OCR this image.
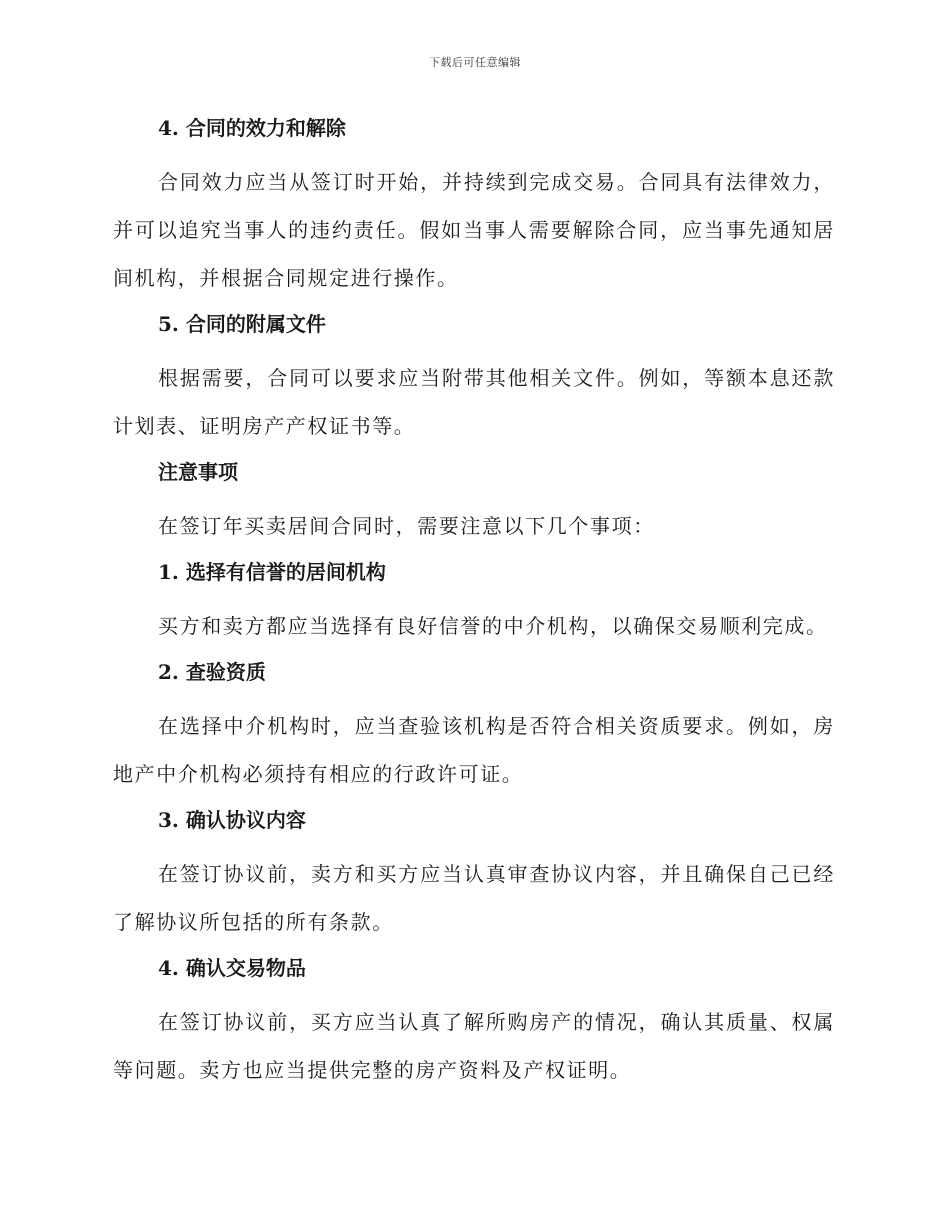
下载后可任意编辑
4. 合同的效力和解除

合同效力应当从签订时开始，并持续到完成交易。合同具有法律效力，并可以追究当事人的违约责任。假如当事人需要解除合同，应当事先通知居间机构，并根据合同规定进行操作。

5. 合同的附属文件

根据需要，合同可以要求应当附带其他相关文件。例如，等额本息还款计划表、证明房产产权证书等。

注意事项

在签订年买卖居间合同时，需要注意以下几个事项：

1. 选择有信誉的居间机构

买方和卖方都应当选择有良好信誉的中介机构，以确保交易顺利完成。

2. 查验资质

在选择中介机构时，应当查验该机构是否符合相关资质要求。例如，房地产中介机构必须持有相应的行政许可证。

3. 确认协议内容

在签订协议前，卖方和买方应当认真审查协议内容，并且确保自己已经了解协议所包括的所有条款。

4. 确认交易物品

在签订协议前，买方应当认真了解所购房产的情况，确认其质量、权属等问题。卖方也应当提供完整的房产资料及产权证明。
